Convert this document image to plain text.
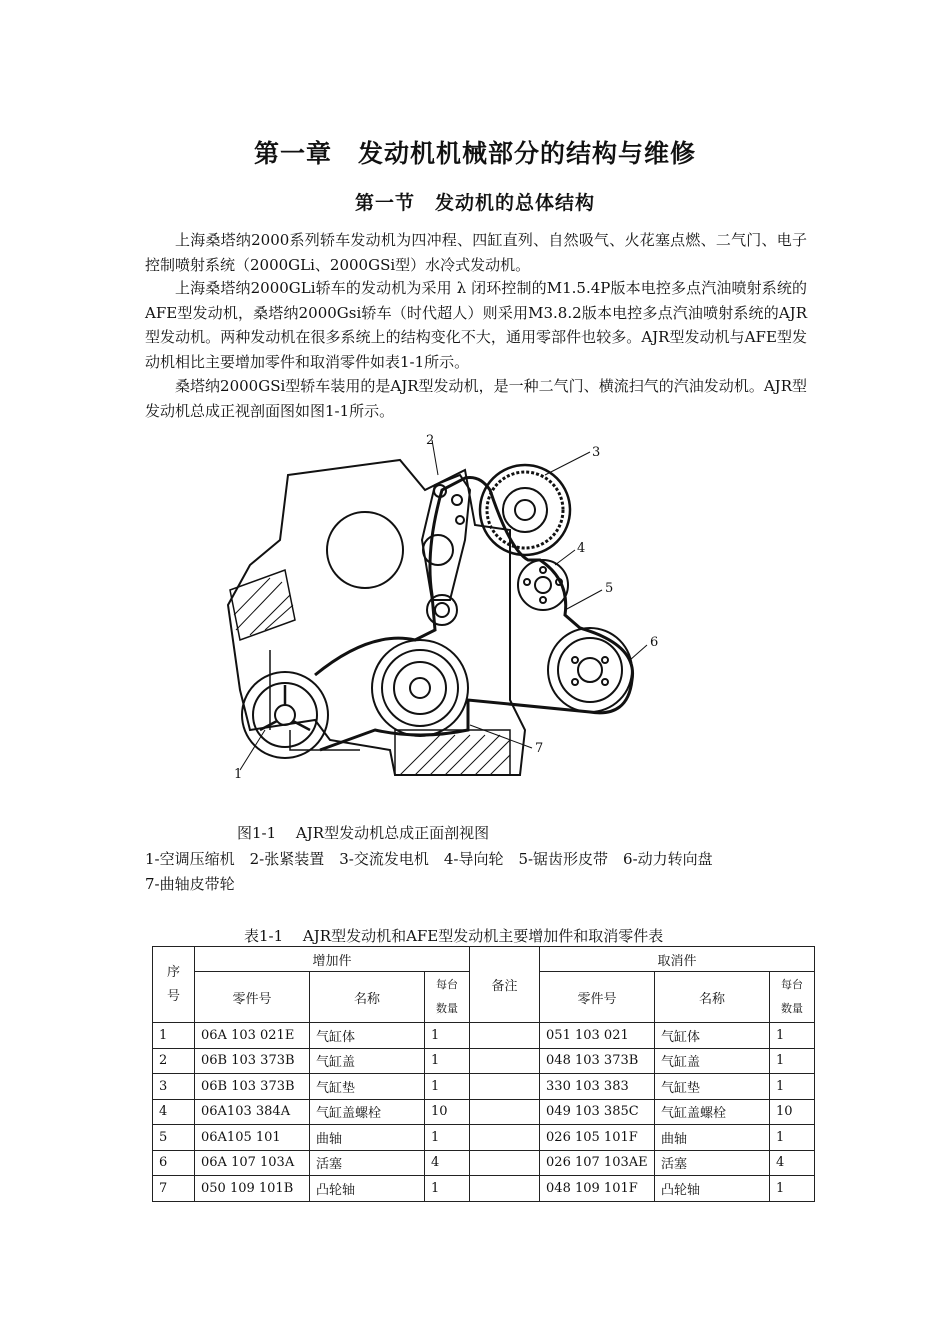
第一章　发动机机械部分的结构与维修
第一节　发动机的总体结构

上海桑塔纳2000系列轿车发动机为四冲程、四缸直列、自然吸气、火花塞点燃、二气门、电子控制喷射系统（2000GLi、2000GSi型）水冷式发动机。

上海桑塔纳2000GLi轿车的发动机为采用 λ 闭环控制的M1.5.4P版本电控多点汽油喷射系统的AFE型发动机，桑塔纳2000Gsi轿车（时代超人）则采用M3.8.2版本电控多点汽油喷射系统的AJR型发动机。两种发动机在很多系统上的结构变化不大，通用零部件也较多。AJR型发动机与AFE型发动机相比主要增加零件和取消零件如表1-1所示。

桑塔纳2000GSi型轿车装用的是AJR型发动机，是一种二气门、横流扫气的汽油发动机。AJR型发动机总成正视剖面图如图1-1所示。

1
2
3
4
5
6
7
图1-1　 AJR型发动机总成正面剖视图
1-空调压缩机　2-张紧装置　3-交流发电机　4-导向轮　5-锯齿形皮带　6-动力转向盘
7-曲轴皮带轮
表1-1　 AJR型发动机和AFE型发动机主要增加件和取消零件表
序号	增加件			备注	取消件		
	零件号	名称	每台数量		零件号	名称	每台数量
1	06A 103 021E	气缸体	1		051 103 021	气缸体	1
2	06B 103 373B	气缸盖	1		048 103 373B	气缸盖	1
3	06B 103 373B	气缸垫	1		330 103 383	气缸垫	1
4	06A103 384A	气缸盖螺栓	10		049 103 385C	气缸盖螺栓	10
5	06A105 101	曲轴	1		026 105 101F	曲轴	1
6	06A 107 103A	活塞	4		026 107 103AE	活塞	4
7	050 109 101B	凸轮轴	1		048 109 101F	凸轮轴	1
